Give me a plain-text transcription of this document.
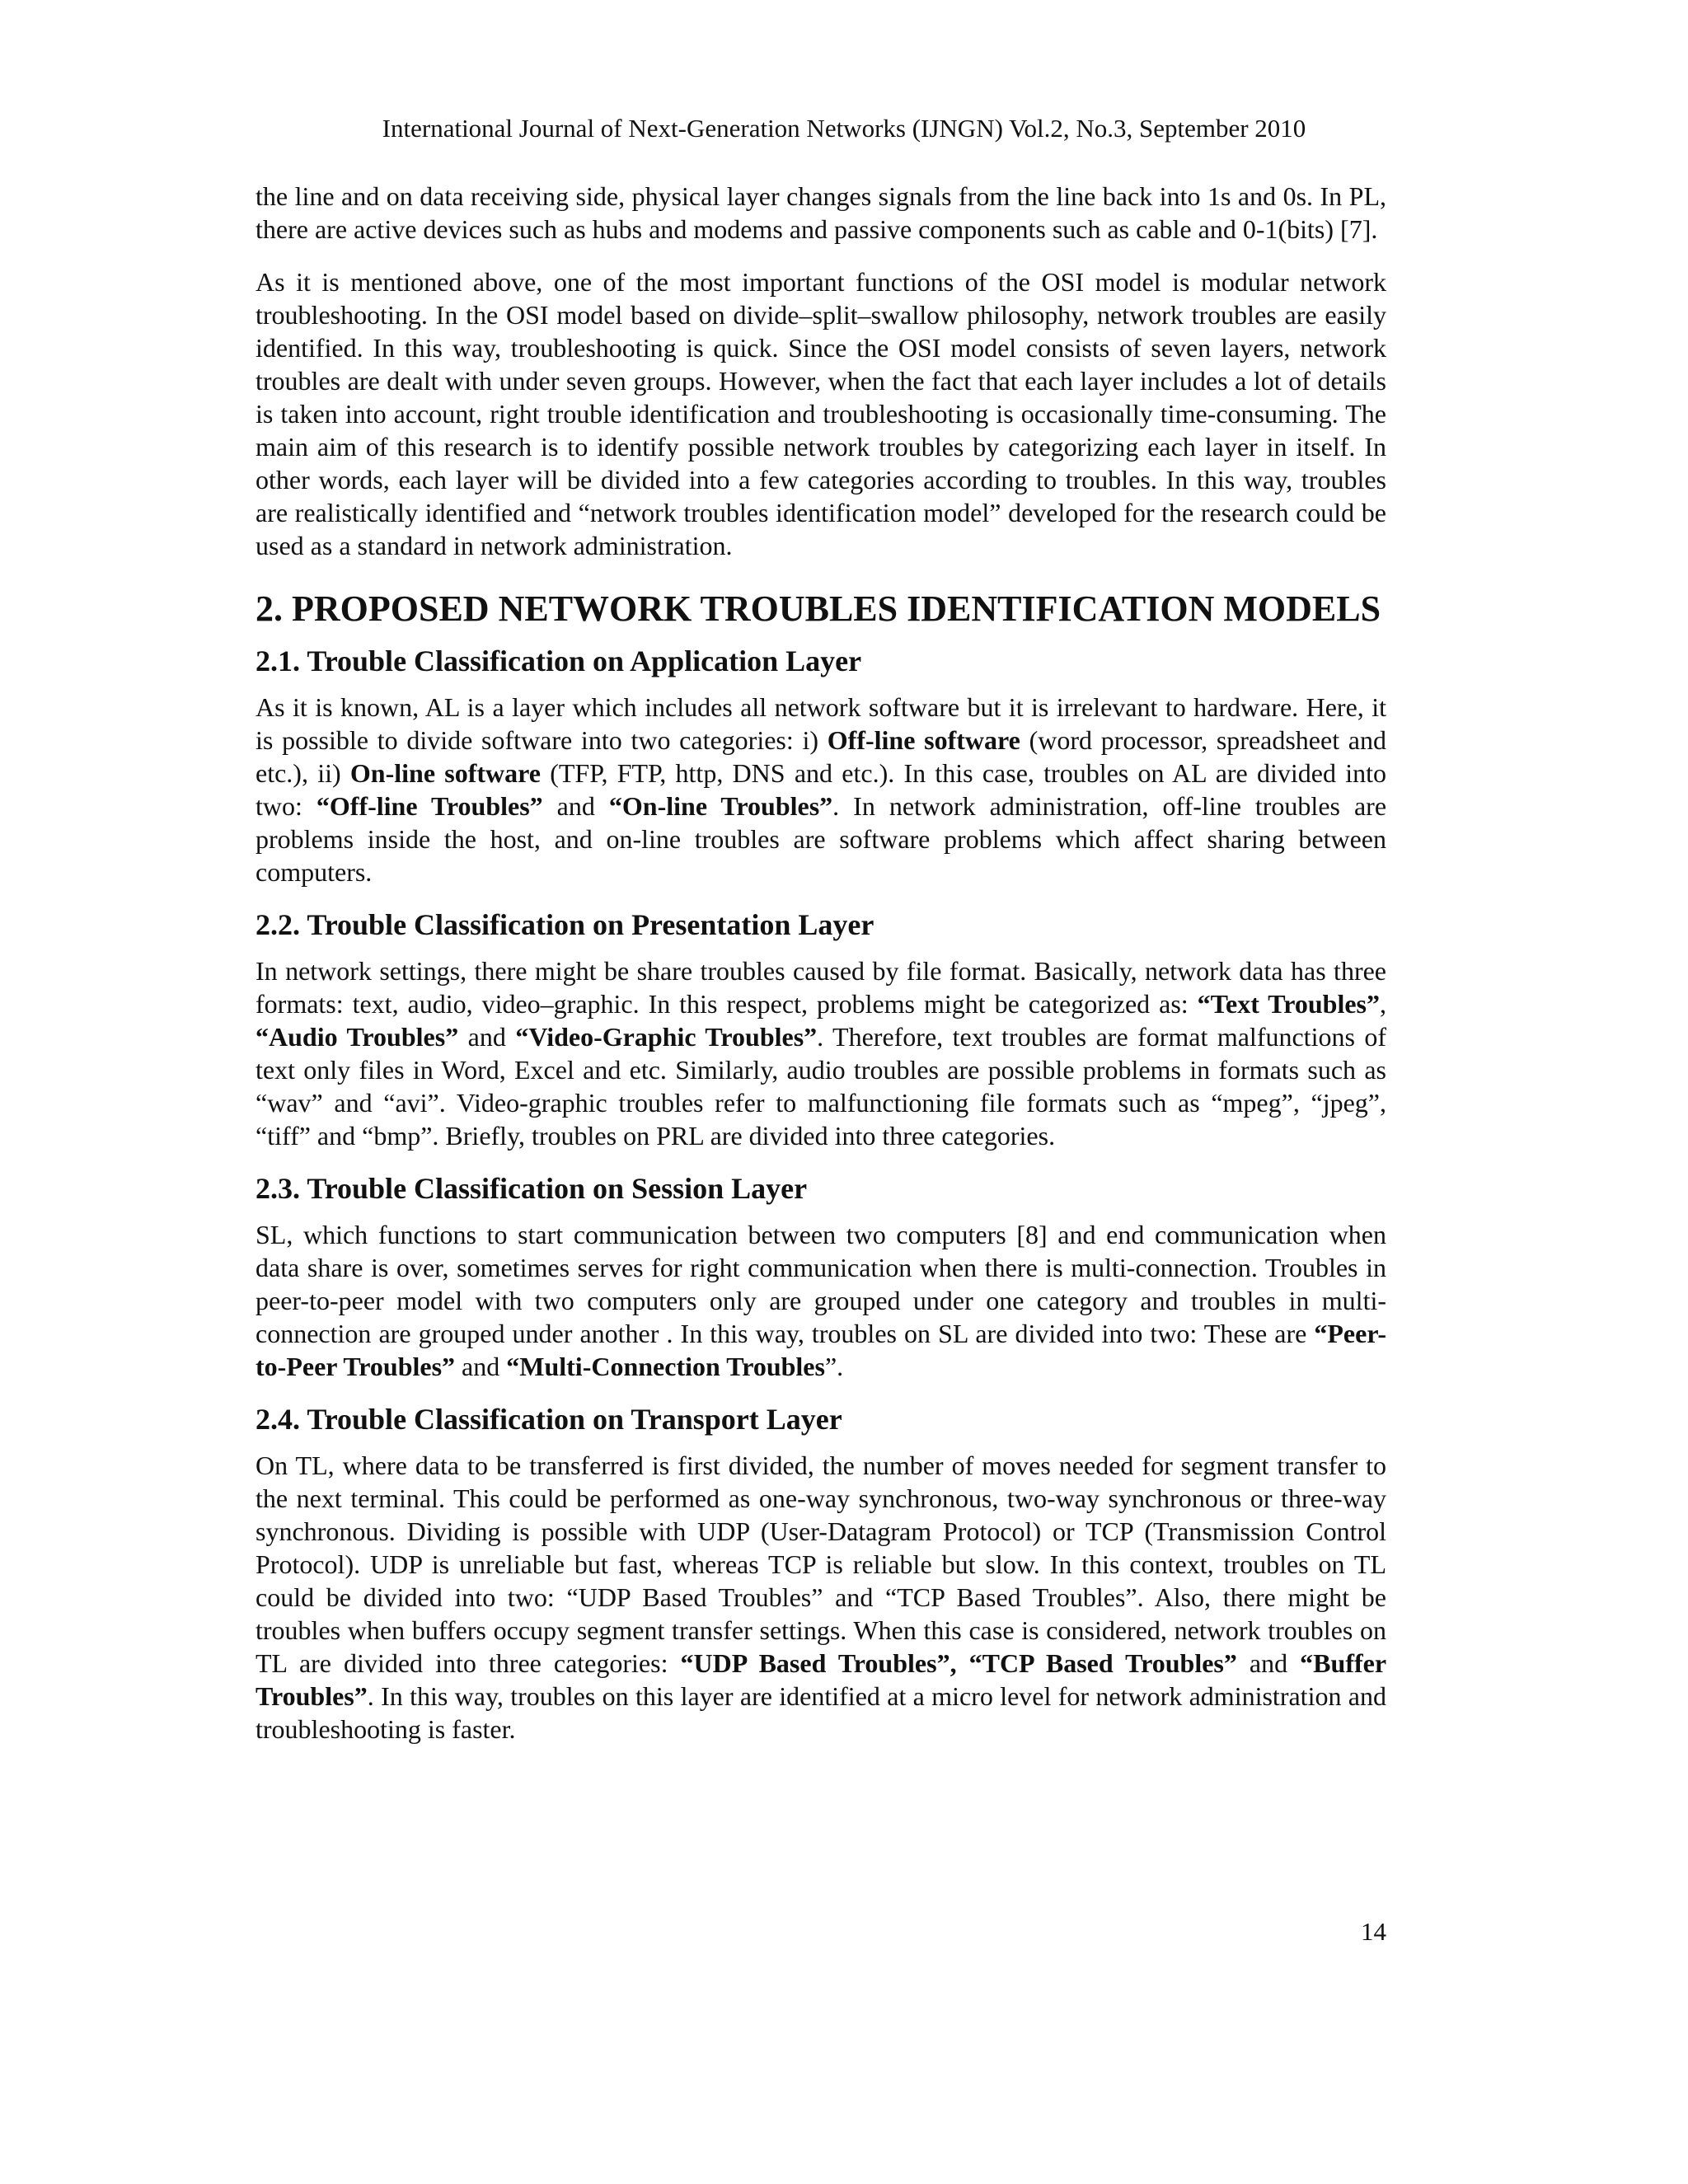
International Journal of Next-Generation Networks (IJNGN) Vol.2, No.3, September 2010

the line and on data receiving side, physical layer changes signals from the line back into 1s and 0s. In PL, there are active devices such as hubs and modems and passive components such as cable and 0-1(bits) [7].

As it is mentioned above, one of the most important functions of the OSI model is modular network troubleshooting. In the OSI model based on divide–split–swallow philosophy, network troubles are easily identified. In this way, troubleshooting is quick. Since the OSI model consists of seven layers, network troubles are dealt with under seven groups. However, when the fact that each layer includes a lot of details is taken into account, right trouble identification and troubleshooting is occasionally time-consuming. The main aim of this research is to identify possible network troubles by categorizing each layer in itself. In other words, each layer will be divided into a few categories according to troubles. In this way, troubles are realistically identified and “network troubles identification model” developed for the research could be used as a standard in network administration.

2. PROPOSED NETWORK TROUBLES IDENTIFICATION MODELS
2.1. Trouble Classification on Application Layer

As it is known, AL is a layer which includes all network software but it is irrelevant to hardware. Here, it is possible to divide software into two categories: i) Off-line software (word processor, spreadsheet and etc.), ii) On-line software (TFP, FTP, http, DNS and etc.). In this case, troubles on AL are divided into two: “Off-line Troubles” and “On-line Troubles”. In network administration, off-line troubles are problems inside the host, and on-line troubles are software problems which affect sharing between computers.

2.2. Trouble Classification on Presentation Layer

In network settings, there might be share troubles caused by file format. Basically, network data has three formats: text, audio, video–graphic. In this respect, problems might be categorized as: “Text Troubles”, “Audio Troubles” and “Video-Graphic Troubles”. Therefore, text troubles are format malfunctions of text only files in Word, Excel and etc. Similarly, audio troubles are possible problems in formats such as “wav” and “avi”. Video-graphic troubles refer to malfunctioning file formats such as “mpeg”, “jpeg”, “tiff” and “bmp”. Briefly, troubles on PRL are divided into three categories.

2.3. Trouble Classification on Session Layer

SL, which functions to start communication between two computers [8] and end communication when data share is over, sometimes serves for right communication when there is multi-connection. Troubles in peer-to-peer model with two computers only are grouped under one category and troubles in multi-connection are grouped under another . In this way, troubles on SL are divided into two: These are “Peer-to-Peer Troubles” and “Multi-Connection Troubles”.

2.4. Trouble Classification on Transport Layer

On TL, where data to be transferred is first divided, the number of moves needed for segment transfer to the next terminal. This could be performed as one-way synchronous, two-way synchronous or three-way synchronous. Dividing is possible with UDP (User-Datagram Protocol) or TCP (Transmission Control Protocol). UDP is unreliable but fast, whereas TCP is reliable but slow. In this context, troubles on TL could be divided into two: “UDP Based Troubles” and “TCP Based Troubles”. Also, there might be troubles when buffers occupy segment transfer settings. When this case is considered, network troubles on TL are divided into three categories: “UDP Based Troubles”, “TCP Based Troubles” and “Buffer Troubles”. In this way, troubles on this layer are identified at a micro level for network administration and troubleshooting is faster.

14
